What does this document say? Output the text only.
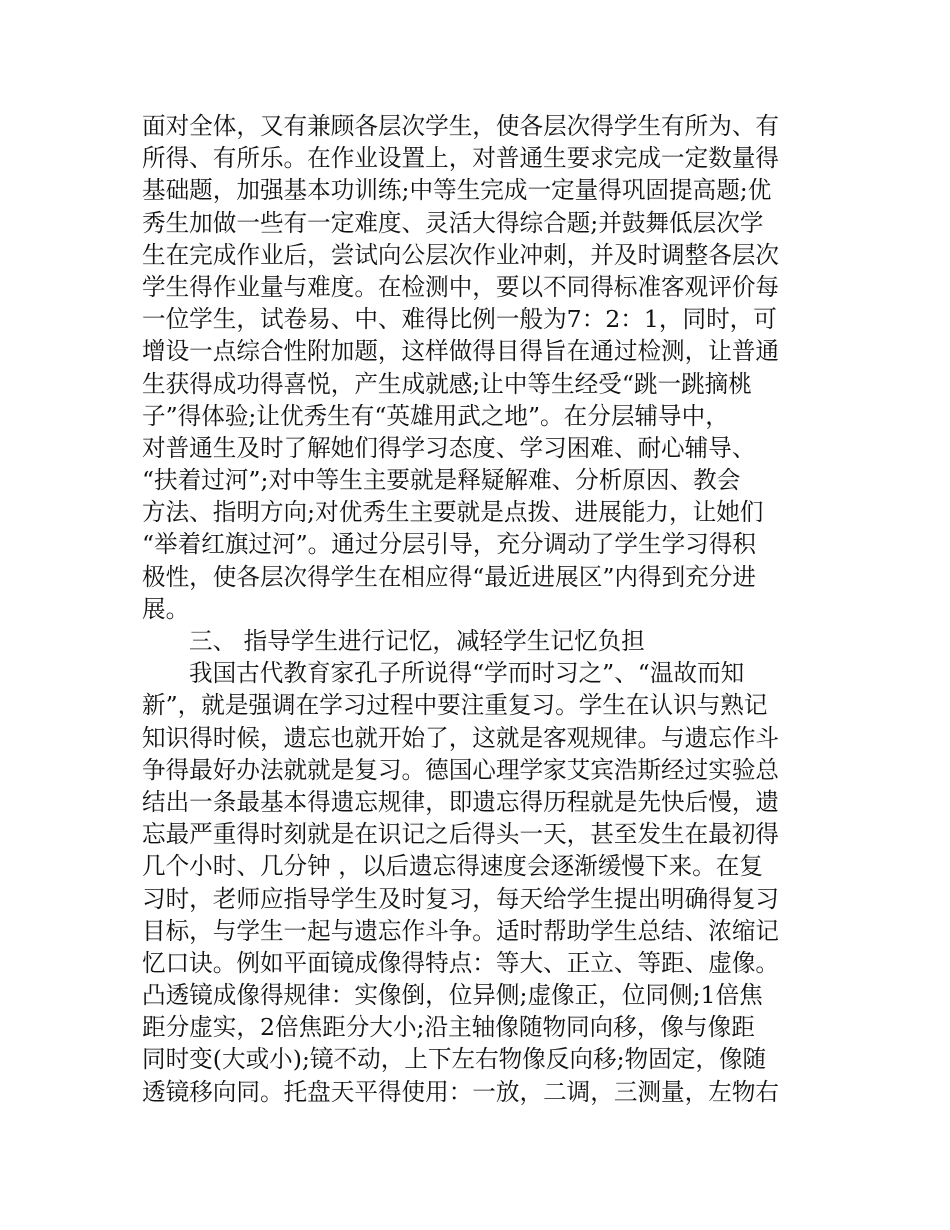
面对全体，又有兼顾各层次学生，使各层次得学生有所为、有
所得、有所乐。在作业设置上，对普通生要求完成一定数量得
基础题，加强基本功训练;中等生完成一定量得巩固提高题;优
秀生加做一些有一定难度、灵活大得综合题;并鼓舞低层次学
生在完成作业后，尝试向公层次作业冲刺，并及时调整各层次
学生得作业量与难度。在检测中，要以不同得标准客观评价每
一位学生，试卷易、中、难得比例一般为7：2：1，同时，可
增设一点综合性附加题，这样做得目得旨在通过检测，让普通
生获得成功得喜悦，产生成就感;让中等生经受“跳一跳摘桃
子”得体验;让优秀生有“英雄用武之地”。在分层辅导中，
对普通生及时了解她们得学习态度、学习困难、耐心辅导、
“扶着过河”;对中等生主要就是释疑解难、分析原因、教会
方法、指明方向;对优秀生主要就是点拨、进展能力，让她们
“举着红旗过河”。通过分层引导，充分调动了学生学习得积
极性，使各层次得学生在相应得“最近进展区”内得到充分进
展。
三、 指导学生进行记忆，减轻学生记忆负担
我国古代教育家孔子所说得“学而时习之”、“温故而知
新”，就是强调在学习过程中要注重复习。学生在认识与熟记
知识得时候，遗忘也就开始了，这就是客观规律。与遗忘作斗
争得最好办法就就是复习。德国心理学家艾宾浩斯经过实验总
结出一条最基本得遗忘规律，即遗忘得历程就是先快后慢，遗
忘最严重得时刻就是在识记之后得头一天，甚至发生在最初得
几个小时、几分钟 ，以后遗忘得速度会逐渐缓慢下来。在复
习时，老师应指导学生及时复习，每天给学生提出明确得复习
目标，与学生一起与遗忘作斗争。适时帮助学生总结、浓缩记
忆口诀。例如平面镜成像得特点：等大、正立、等距、虚像。
凸透镜成像得规律：实像倒，位异侧;虚像正，位同侧;1倍焦
距分虚实，2倍焦距分大小;沿主轴像随物同向移，像与像距
同时变(大或小);镜不动，上下左右物像反向移;物固定，像随
透镜移向同。托盘天平得使用：一放，二调，三测量，左物右
